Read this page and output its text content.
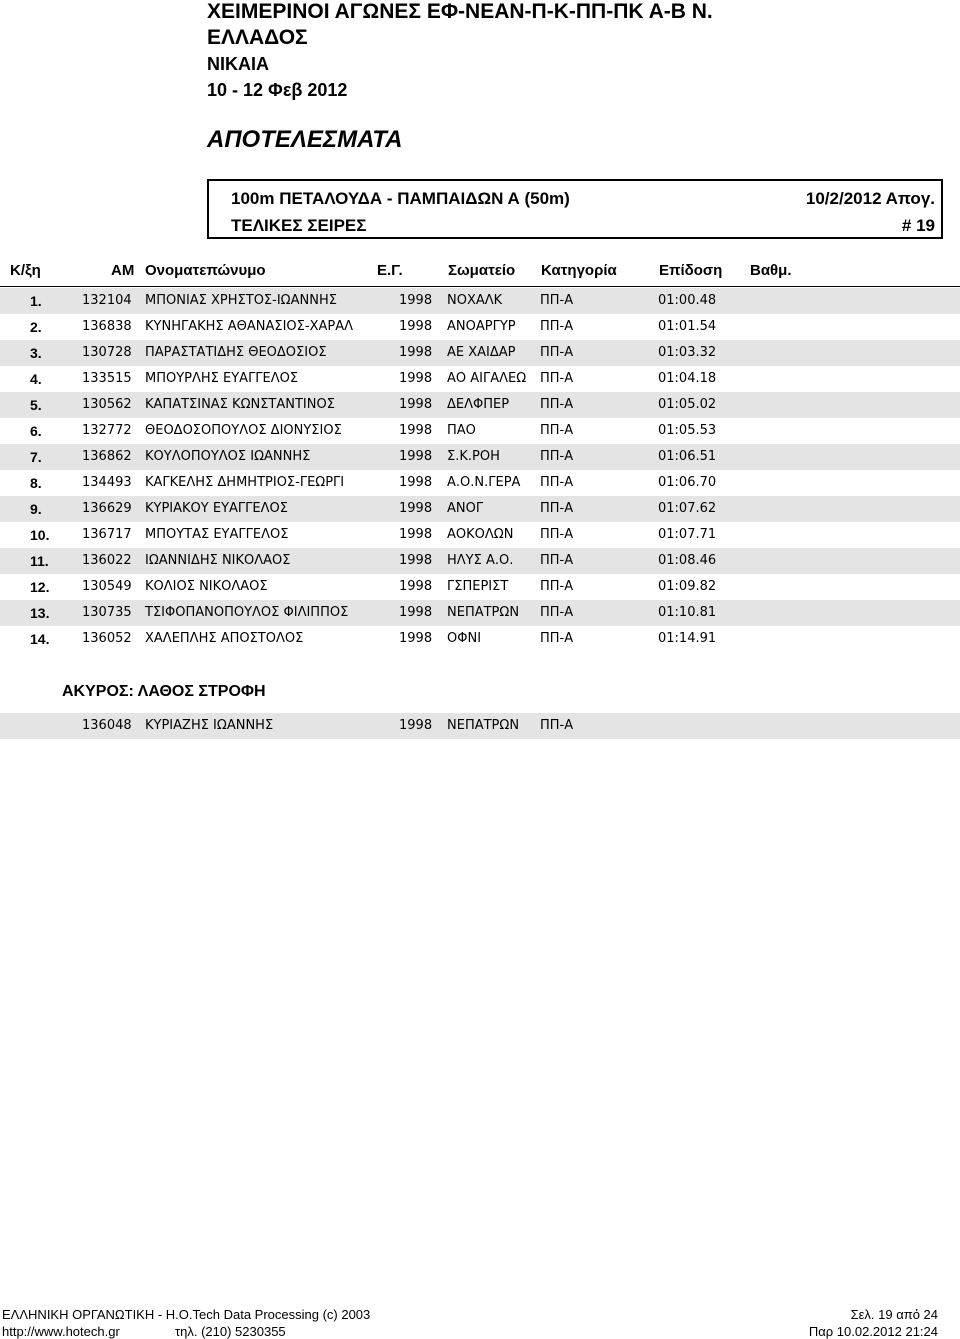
ΧΕΙΜΕΡΙΝΟΙ ΑΓΩΝΕΣ ΕΦ-ΝΕΑΝ-Π-Κ-ΠΠ-ΠΚ Α-Β Ν.
ΕΛΛΑΔΟΣ
ΝΙΚΑΙΑ
10 - 12 Φεβ 2012
ΑΠΟΤΕΛΕΣΜΑΤΑ
100m ΠΕΤΑΛΟΥΔΑ - ΠΑΜΠΑΙΔΩΝ Α (50m)	10/2/2012 Απογ.
ΤΕΛΙΚΕΣ ΣΕΙΡΕΣ	# 19
Κ/ξη	ΑΜ Ονοματεπώνυμο	Ε.Γ.	Σωματείο Κατηγορία	Επίδοση Βαθμ.
1.	132104 ΜΠΟΝΙΑΣ ΧΡΗΣΤΟΣ-ΙΩΑΝΝΗΣ	1998 ΝΟΧΑΛΚ	ΠΠ-Α	01:00.48
2.	136838 ΚΥΝΗΓΑΚΗΣ ΑΘΑΝΑΣΙΟΣ-ΧΑΡΑΛ	1998 ΑΝΟΑΡΓΥΡ ΠΠ-Α	01:01.54
3.	130728 ΠΑΡΑΣΤΑΤΙΔΗΣ ΘΕΟΔΟΣΙΟΣ	1998 ΑΕ ΧΑΙΔΑΡ ΠΠ-Α	01:03.32
4.	133515 ΜΠΟΥΡΛΗΣ ΕΥΑΓΓΕΛΟΣ	1998 ΑΟ ΑΙΓΑΛΕΩ ΠΠ-Α	01:04.18
5.	130562 ΚΑΠΑΤΣΙΝΑΣ ΚΩΝΣΤΑΝΤΙΝΟΣ	1998 ΔΕΛΦΠΕΡ ΠΠ-Α	01:05.02
6.	132772 ΘΕΟΔΟΣΟΠΟΥΛΟΣ ΔΙΟΝΥΣΙΟΣ	1998 ΠΑΟ	ΠΠ-Α	01:05.53
7.	136862 ΚΟΥΛΟΠΟΥΛΟΣ ΙΩΑΝΝΗΣ	1998 Σ.Κ.ΡΟΗ	ΠΠ-Α	01:06.51
8.	134493 ΚΑΓΚΕΛΗΣ ΔΗΜΗΤΡΙΟΣ-ΓΕΩΡΓΙ	1998 Α.Ο.Ν.ΓΕΡΑ ΠΠ-Α	01:06.70
9.	136629 ΚΥΡΙΑΚΟΥ ΕΥΑΓΓΕΛΟΣ	1998 ΑΝΟΓ	ΠΠ-Α	01:07.62
10.	136717 ΜΠΟΥΤΑΣ ΕΥΑΓΓΕΛΟΣ	1998 ΑΟΚΟΛΩΝ ΠΠ-Α	01:07.71
11.	136022 ΙΩΑΝΝΙΔΗΣ ΝΙΚΟΛΑΟΣ	1998 ΗΛΥΣ Α.Ο. ΠΠ-Α	01:08.46
12.	130549 ΚΟΛΙΟΣ ΝΙΚΟΛΑΟΣ	1998 ΓΣΠΕΡΙΣΤ ΠΠ-Α	01:09.82
13.	130735 ΤΣΙΦΟΠΑΝΟΠΟΥΛΟΣ ΦΙΛΙΠΠΟΣ	1998 ΝΕΠΑΤΡΩΝ ΠΠ-Α	01:10.81
14.	136052 ΧΑΛΕΠΛΗΣ ΑΠΟΣΤΟΛΟΣ	1998 ΟΦΝΙ	ΠΠ-Α	01:14.91
ΑΚΥΡΟΣ: ΛΑΘΟΣ ΣΤΡΟΦΗ
136048 ΚΥΡΙΑΖΗΣ ΙΩΑΝΝΗΣ	1998 ΝΕΠΑΤΡΩΝ ΠΠ-Α
ΕΛΛΗΝΙΚΗ ΟΡΓΑΝΩΤΙΚΗ - Η.Ο.Tech Data Processing (c) 2003
http://www.hotech.gr	τηλ. (210) 5230355
Σελ. 19 από 24
Παρ 10.02.2012 21:24
